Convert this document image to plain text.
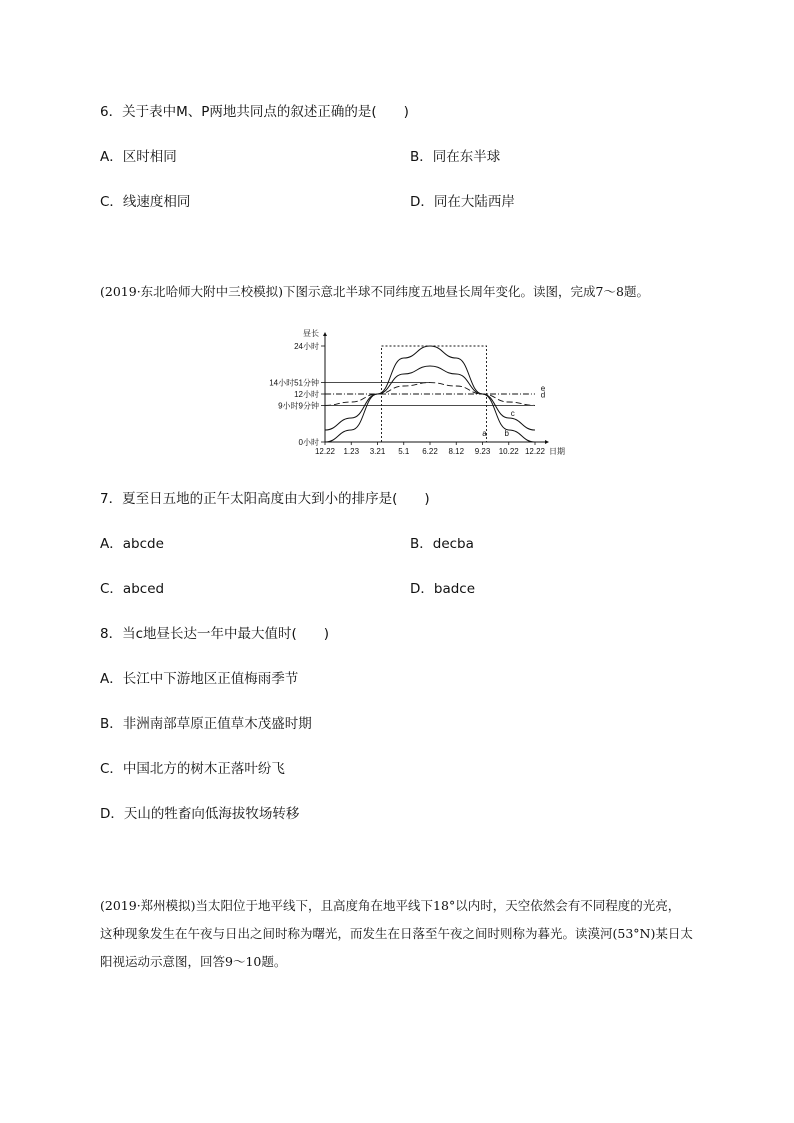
6．关于表中M、P两地共同点的叙述正确的是(　　)
A．区时相同	B．同在东半球
C．线速度相同	D．同在大陆西岸
(2019·东北哈师大附中三校模拟)下图示意北半球不同纬度五地昼长周年变化。读图，完成7～8题。
0小时
9小时9分钟
12小时
14小时51分钟
24小时
昼长
12.22 1.23 3.21 5.1 6.22 8.12 9.23 10.22 12.22 日期
a b
c
d
e
7．夏至日五地的正午太阳高度由大到小的排序是(　　)
A．abcde	B．decba
C．abced	D．badce
8．当c地昼长达一年中最大值时(　　)
A．长江中下游地区正值梅雨季节
B．非洲南部草原正值草木茂盛时期
C．中国北方的树木正落叶纷飞
D．天山的牲畜向低海拔牧场转移
(2019·郑州模拟)当太阳位于地平线下，且高度角在地平线下18°以内时，天空依然会有不同程度的光亮，
这种现象发生在午夜与日出之间时称为曙光，而发生在日落至午夜之间时则称为暮光。读漠河(53°N)某日太
阳视运动示意图，回答9～10题。
